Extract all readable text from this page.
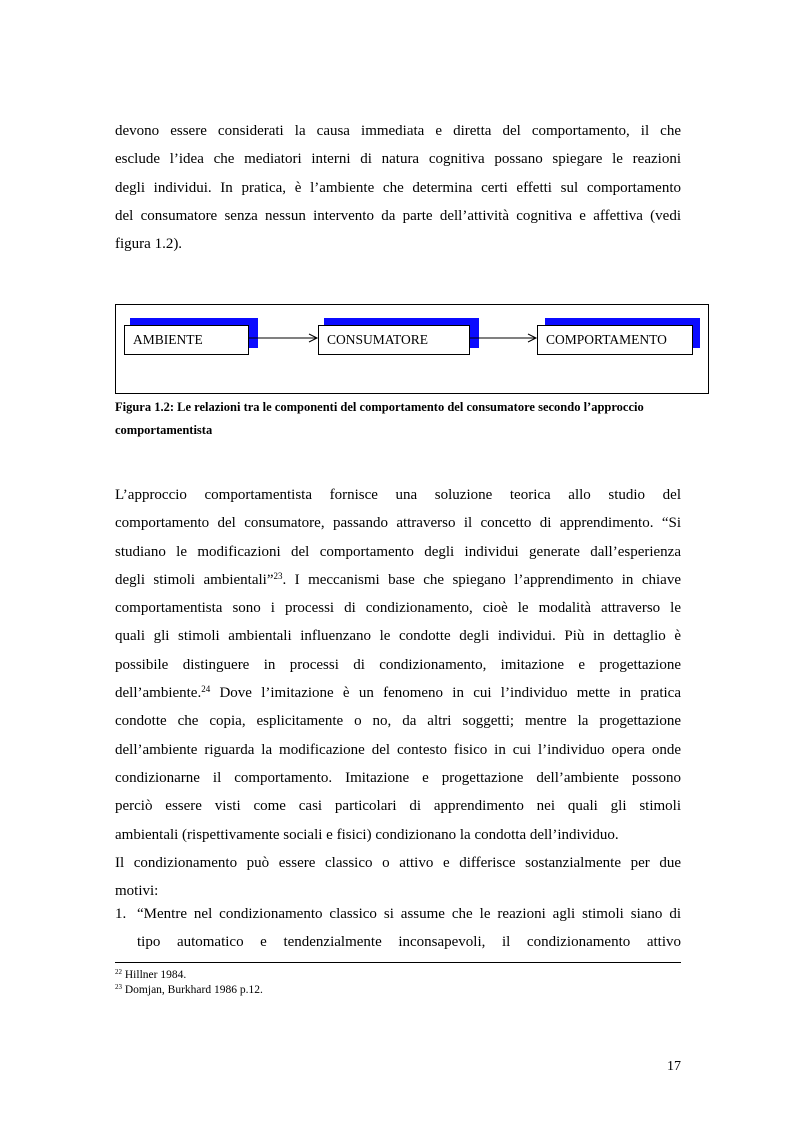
devono essere considerati la causa immediata e diretta del comportamento, il che
esclude l’idea che mediatori interni di natura cognitiva possano spiegare le reazioni
degli individui. In pratica, è l’ambiente che determina certi effetti sul comportamento
del consumatore senza nessun intervento da parte dell’attività cognitiva e affettiva (vedi
figura 1.2).
AMBIENTE	CONSUMATORE	COMPORTAMENTO
Figura 1.2: Le relazioni tra le componenti del comportamento del consumatore secondo l’approccio
comportamentista
L’approccio comportamentista fornisce una soluzione teorica allo studio del
comportamento del consumatore, passando attraverso il concetto di apprendimento. “Si
studiano le modificazioni del comportamento degli individui generate dall’esperienza
degli stimoli ambientali”$^{23}$. I meccanismi base che spiegano l’apprendimento in chiave
comportamentista sono i processi di condizionamento, cioè le modalità attraverso le
quali gli stimoli ambientali influenzano le condotte degli individui. Più in dettaglio è
possibile distinguere in processi di condizionamento, imitazione e progettazione
dell’ambiente.$^{24}$ Dove l’imitazione è un fenomeno in cui l’individuo mette in pratica
condotte che copia, esplicitamente o no, da altri soggetti; mentre la progettazione
dell’ambiente riguarda la modificazione del contesto fisico in cui l’individuo opera onde
condizionarne il comportamento. Imitazione e progettazione dell’ambiente possono
perciò essere visti come casi particolari di apprendimento nei quali gli stimoli
ambientali (rispettivamente sociali e fisici) condizionano la condotta dell’individuo.
Il condizionamento può essere classico o attivo e differisce sostanzialmente per due
motivi:
1. “Mentre nel condizionamento classico si assume che le reazioni agli stimoli siano di
tipo automatico e tendenzialmente inconsapevoli, il condizionamento attivo
$^{22}$ Hillner 1984.
$^{23}$ Domjan, Burkhard 1986 p.12.
17
